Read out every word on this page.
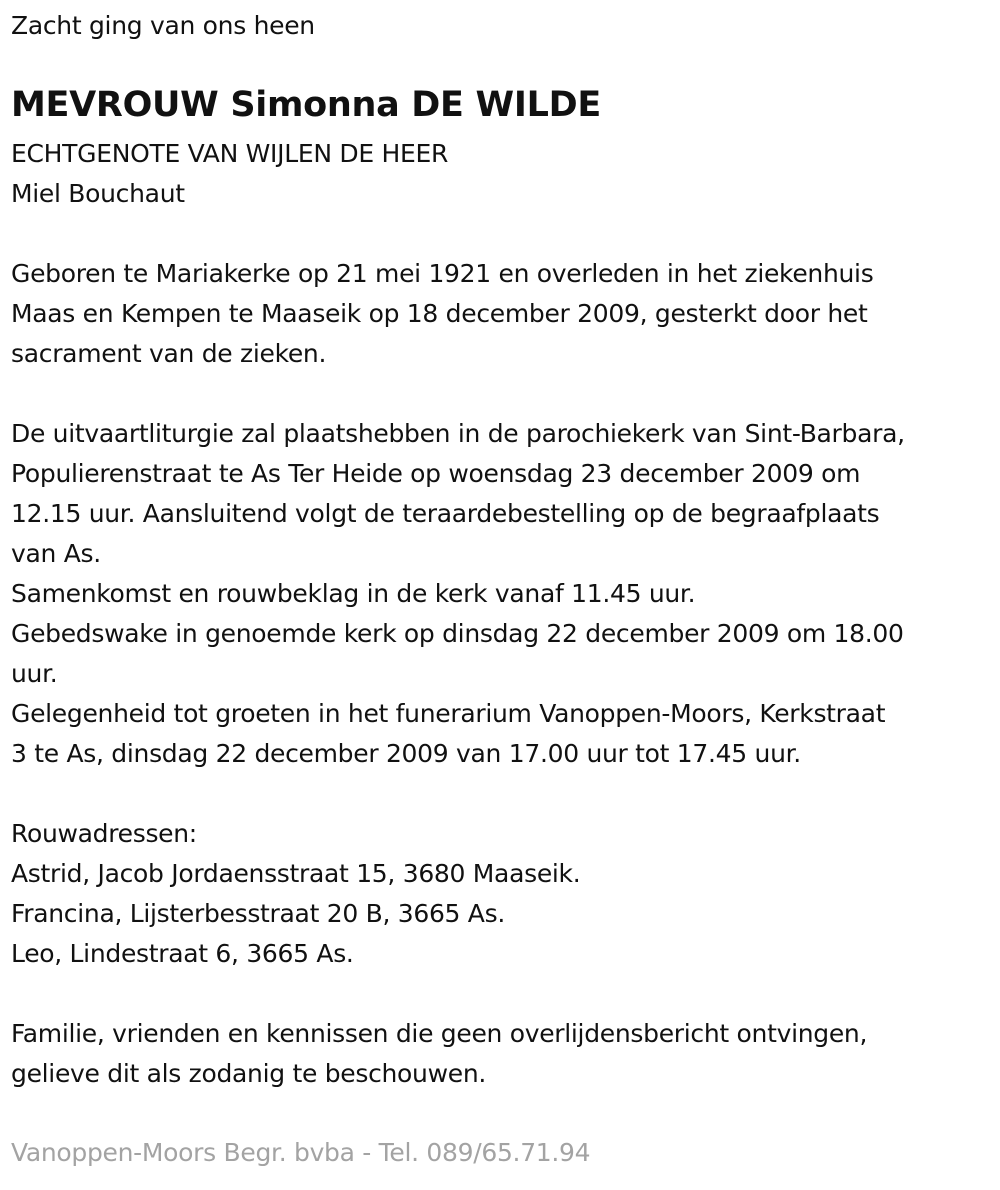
Zacht ging van ons heen
MEVROUW Simonna DE WILDE
ECHTGENOTE VAN WIJLEN DE HEER
Miel Bouchaut
Geboren te Mariakerke op 21 mei 1921 en overleden in het ziekenhuis
Maas en Kempen te Maaseik op 18 december 2009, gesterkt door het
sacrament van de zieken.
De uitvaartliturgie zal plaatshebben in de parochiekerk van Sint-Barbara,
Populierenstraat te As Ter Heide op woensdag 23 december 2009 om
12.15 uur. Aansluitend volgt de teraardebestelling op de begraafplaats
van As.
Samenkomst en rouwbeklag in de kerk vanaf 11.45 uur.
Gebedswake in genoemde kerk op dinsdag 22 december 2009 om 18.00
uur.
Gelegenheid tot groeten in het funerarium Vanoppen-Moors, Kerkstraat
3 te As, dinsdag 22 december 2009 van 17.00 uur tot 17.45 uur.
Rouwadressen:
Astrid, Jacob Jordaensstraat 15, 3680 Maaseik.
Francina, Lijsterbesstraat 20 B, 3665 As.
Leo, Lindestraat 6, 3665 As.
Familie, vrienden en kennissen die geen overlijdensbericht ontvingen,
gelieve dit als zodanig te beschouwen.
Vanoppen-Moors Begr. bvba - Tel. 089/65.71.94
